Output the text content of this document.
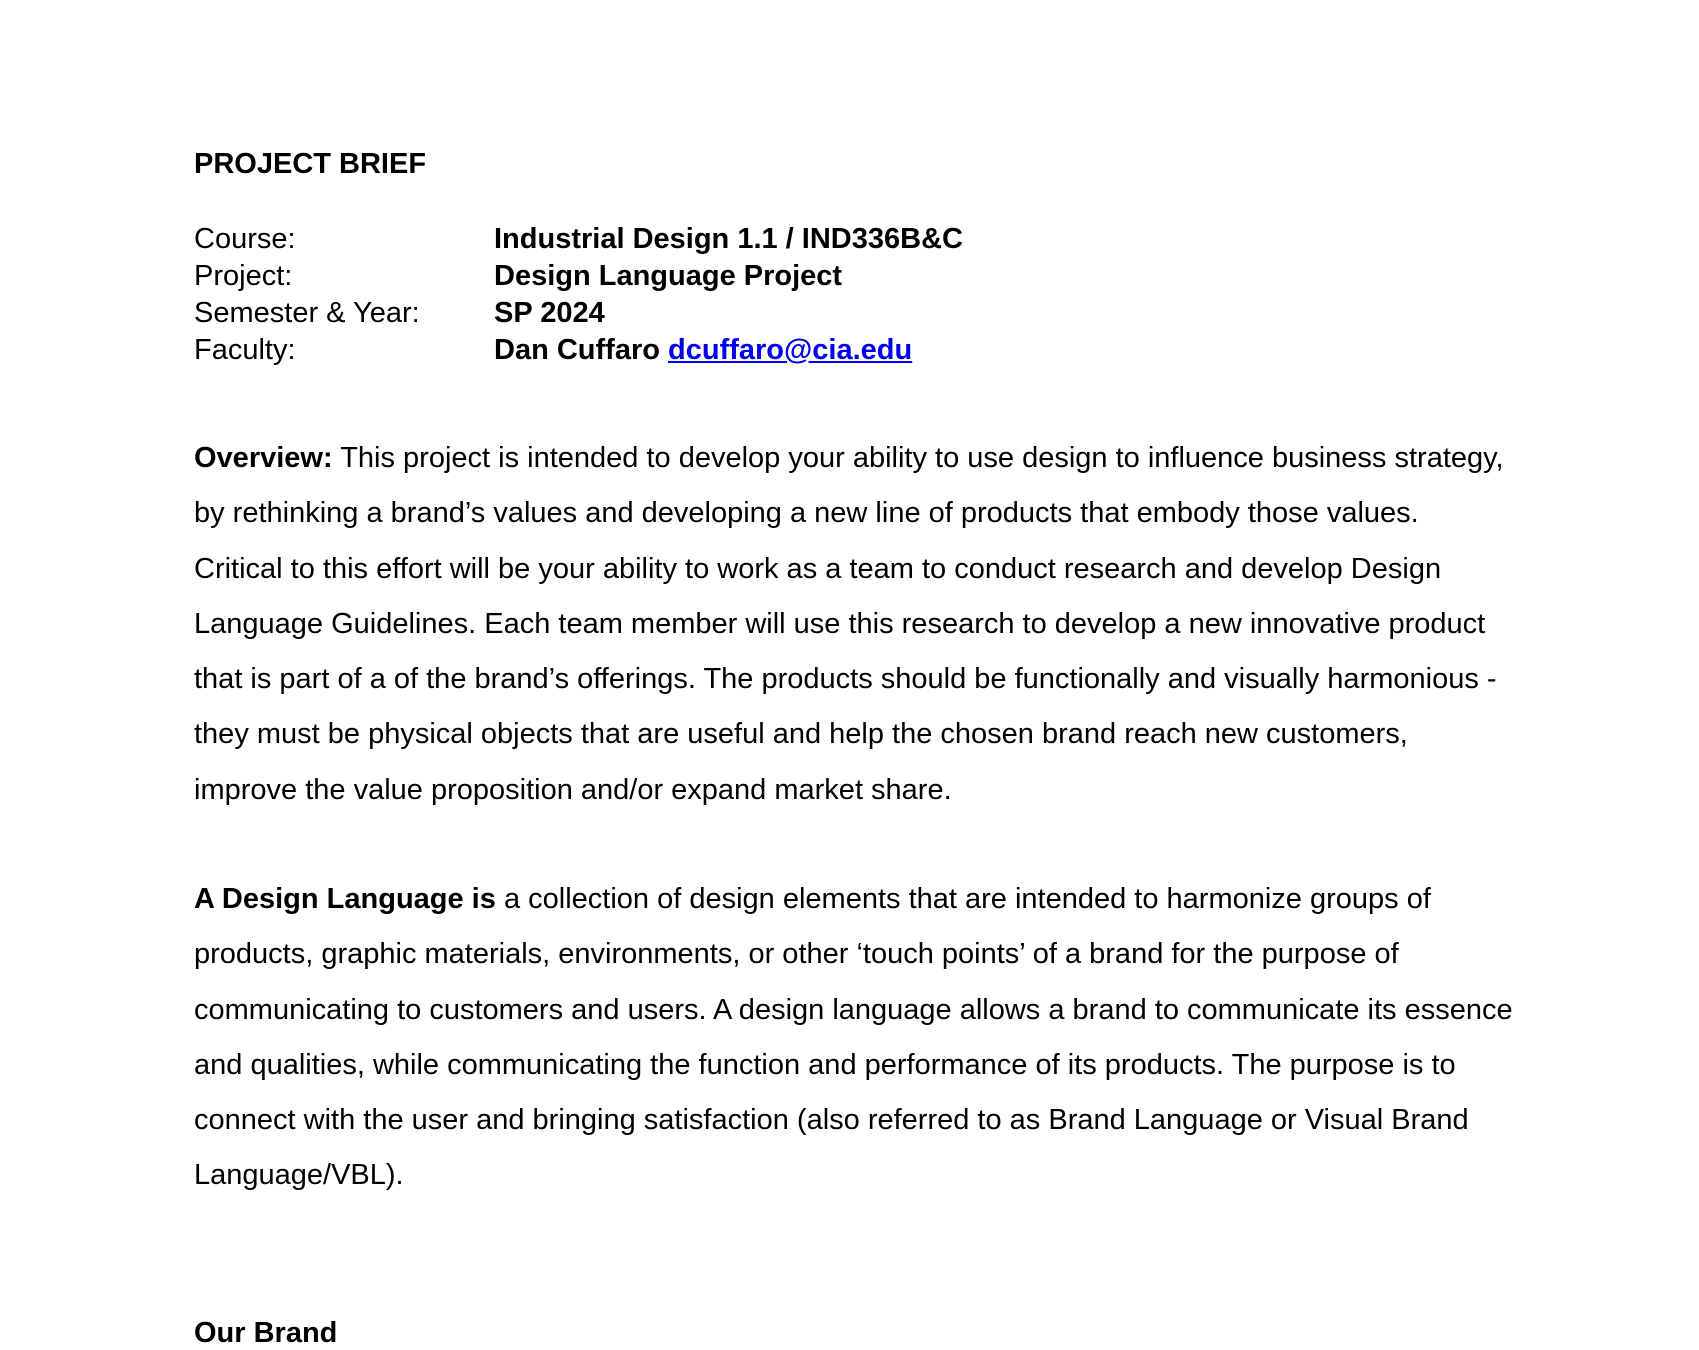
PROJECT BRIEF
Course:	Industrial Design 1.1 / IND336B&C
Project:	Design Language Project
Semester & Year:	SP 2024
Faculty:	Dan Cuffaro dcuffaro@cia.edu

Overview: This project is intended to develop your ability to use design to influence business strategy, by rethinking a brand’s values and developing a new line of products that embody those values. Critical to this effort will be your ability to work as a team to conduct research and develop Design Language Guidelines. Each team member will use this research to develop a new innovative product that is part of a of the brand’s offerings. The products should be functionally and visually harmonious - they must be physical objects that are useful and help the chosen brand reach new customers, improve the value proposition and/or expand market share.

A Design Language is a collection of design elements that are intended to harmonize groups of products, graphic materials, environments, or other ‘touch points’ of a brand for the purpose of communicating to customers and users. A design language allows a brand to communicate its essence and qualities, while communicating the function and performance of its products. The purpose is to connect with the user and bringing satisfaction (also referred to as Brand Language or Visual Brand Language/VBL).

Our Brand
